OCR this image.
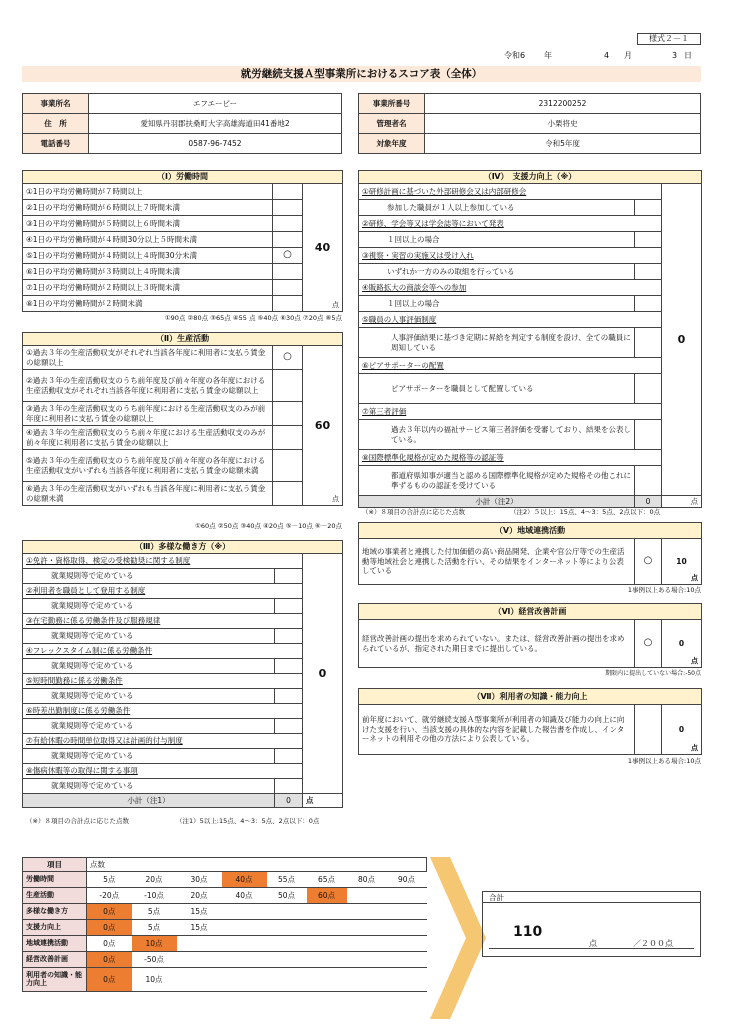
様式２－１
令和6 年	4 月	3 日
就労継続支援Ａ型事業所におけるスコア表（全体）
事業所名	エフエービー
住　所	愛知県丹羽郡扶桑町大字高雄海道田41番地2
電話番号	0587-96-7452
事業所番号	2312200252
管理者名	小栗将史
対象年度	令和5年度
（Ⅰ）労働時間		
①1日の平均労働時間が７時間以上		40
点

②1日の平均労働時間が６時間以上７時間未満		
③1日の平均労働時間が５時間以上６時間未満		
④1日の平均労働時間が４時間30分以上５時間未満		
⑤1日の平均労働時間が４時間以上４時間30分未満	○	
⑥1日の平均労働時間が３時間以上４時間未満		
⑦1日の平均労働時間が２時間以上３時間未満		
⑧1日の平均労働時間が２時間未満		
①90点 ②80点 ③65点 ④55 点 ⑤40点 ⑥30点 ⑦20点 ⑧5点
（Ⅱ）生産活動		
①過去３年の生産活動収支がそれぞれ当該各年度に利用者に支払う賃金の総額以上	○	60
点

②過去３年の生産活動収支のうち前年度及び前々年度の各年度における生産活動収支がそれぞれ当該各年度に利用者に支払う賃金の総額以上		
③過去３年の生産活動収支のうち前年度における生産活動収支のみが前年度に利用者に支払う賃金の総額以上		
④過去３年の生産活動収支のうち前々年度における生産活動収支のみが前々年度に利用者に支払う賃金の総額以上		
⑤過去３年の生産活動収支のうち前年度及び前々年度の各年度における生産活動収支がいずれも当該各年度に利用者に支払う賃金の総額未満		
⑥過去３年の生産活動収支がいずれも当該各年度に利用者に支払う賃金の総額未満		
①60点 ②50点 ③40点 ④20点 ⑤－10点 ⑥－20点
（Ⅲ）多様な働き方（※）		
①免許・資格取得、検定の受検勧奨に関する制度		0
就業規則等で定めている		
②利用者を職員として登用する制度		
就業規則等で定めている		
③在宅勤務に係る労働条件及び服務規律		
就業規則等で定めている		
④フレックスタイム制に係る労働条件		
就業規則等で定めている		
⑤短時間勤務に係る労働条件		
就業規則等で定めている		
⑥時差出勤制度に係る労働条件		
就業規則等で定めている		
⑦有給休暇の時間単位取得又は計画的付与制度		
就業規則等で定めている		
⑧傷病休暇等の取得に関する事項		
就業規則等で定めている		
小計（注1）	0	点
（※）８項目の合計点に応じた点数	（注1）5以上:15点、4～3：5点、2点以下：0点
（Ⅳ）　支援力向上（※）		
①研修計画に基づいた外部研修会又は内部研修会		0
参加した職員が１人以上参加している		
②研修、学会等又は学会誌等において発表		
１回以上の場合		
③視察・実習の実施又は受け入れ		
いずれか一方のみの取組を行っている		
④販路拡大の商談会等への参加		
１回以上の場合		
⑤職員の人事評価制度		
人事評価結果に基づき定期に昇給を判定する制度を設け、全ての職員に周知している		
⑥ピアサポーターの配置		
ピアサポーターを職員として配置している		
⑦第三者評価		
過去３年以内の福祉サービス第三者評価を受審しており、結果を公表している。		
⑧国際標準化規格が定めた規格等の認証等		
都道府県知事が適当と認める国際標準化規格が定めた規格その他これに準ずるものの認証を受けている		
小計（注2）	0	点
（※）８項目の合計点に応じた点数	（注2）５以上：15点、4～3：5点、2点以下：0点
（Ⅴ）地域連携活動
地域の事業者と連携した付加価値の高い商品開発、企業や官公庁等での生産活動等地域社会と連携した活動を行い、その結果をインターネット等により公表している	○	10
点
1事例以上ある場合:10点
（Ⅵ）経営改善計画
経営改善計画の提出を求められていない。または、経営改善計画の提出を求められているが、指定された期日までに提出している。	○	0
点
期限内に提出していない場合:-50点
（Ⅶ）利用者の知識・能力向上
前年度において、就労継続支援Ａ型事業所が利用者の知識及び能力の向上に向けた支援を行い、当該支援の具体的な内容を記載した報告書を作成し、インターネットの利用その他の方法により公表している。		0
点
1事例以上ある場合:10点
項目	点数							
労働時間	5点	20点	30点	40点	55点	65点	80点	90点
生産活動	-20点	-10点	20点	40点	50点	60点		
多様な働き方	0点	5点	15点					
支援力向上	0点	5点	15点					
地域連携活動	0点	10点						
経営改善計画	0点	-50点						
利用者の知識・能力向上	0点	10点						
合計
110
点	／２００点
